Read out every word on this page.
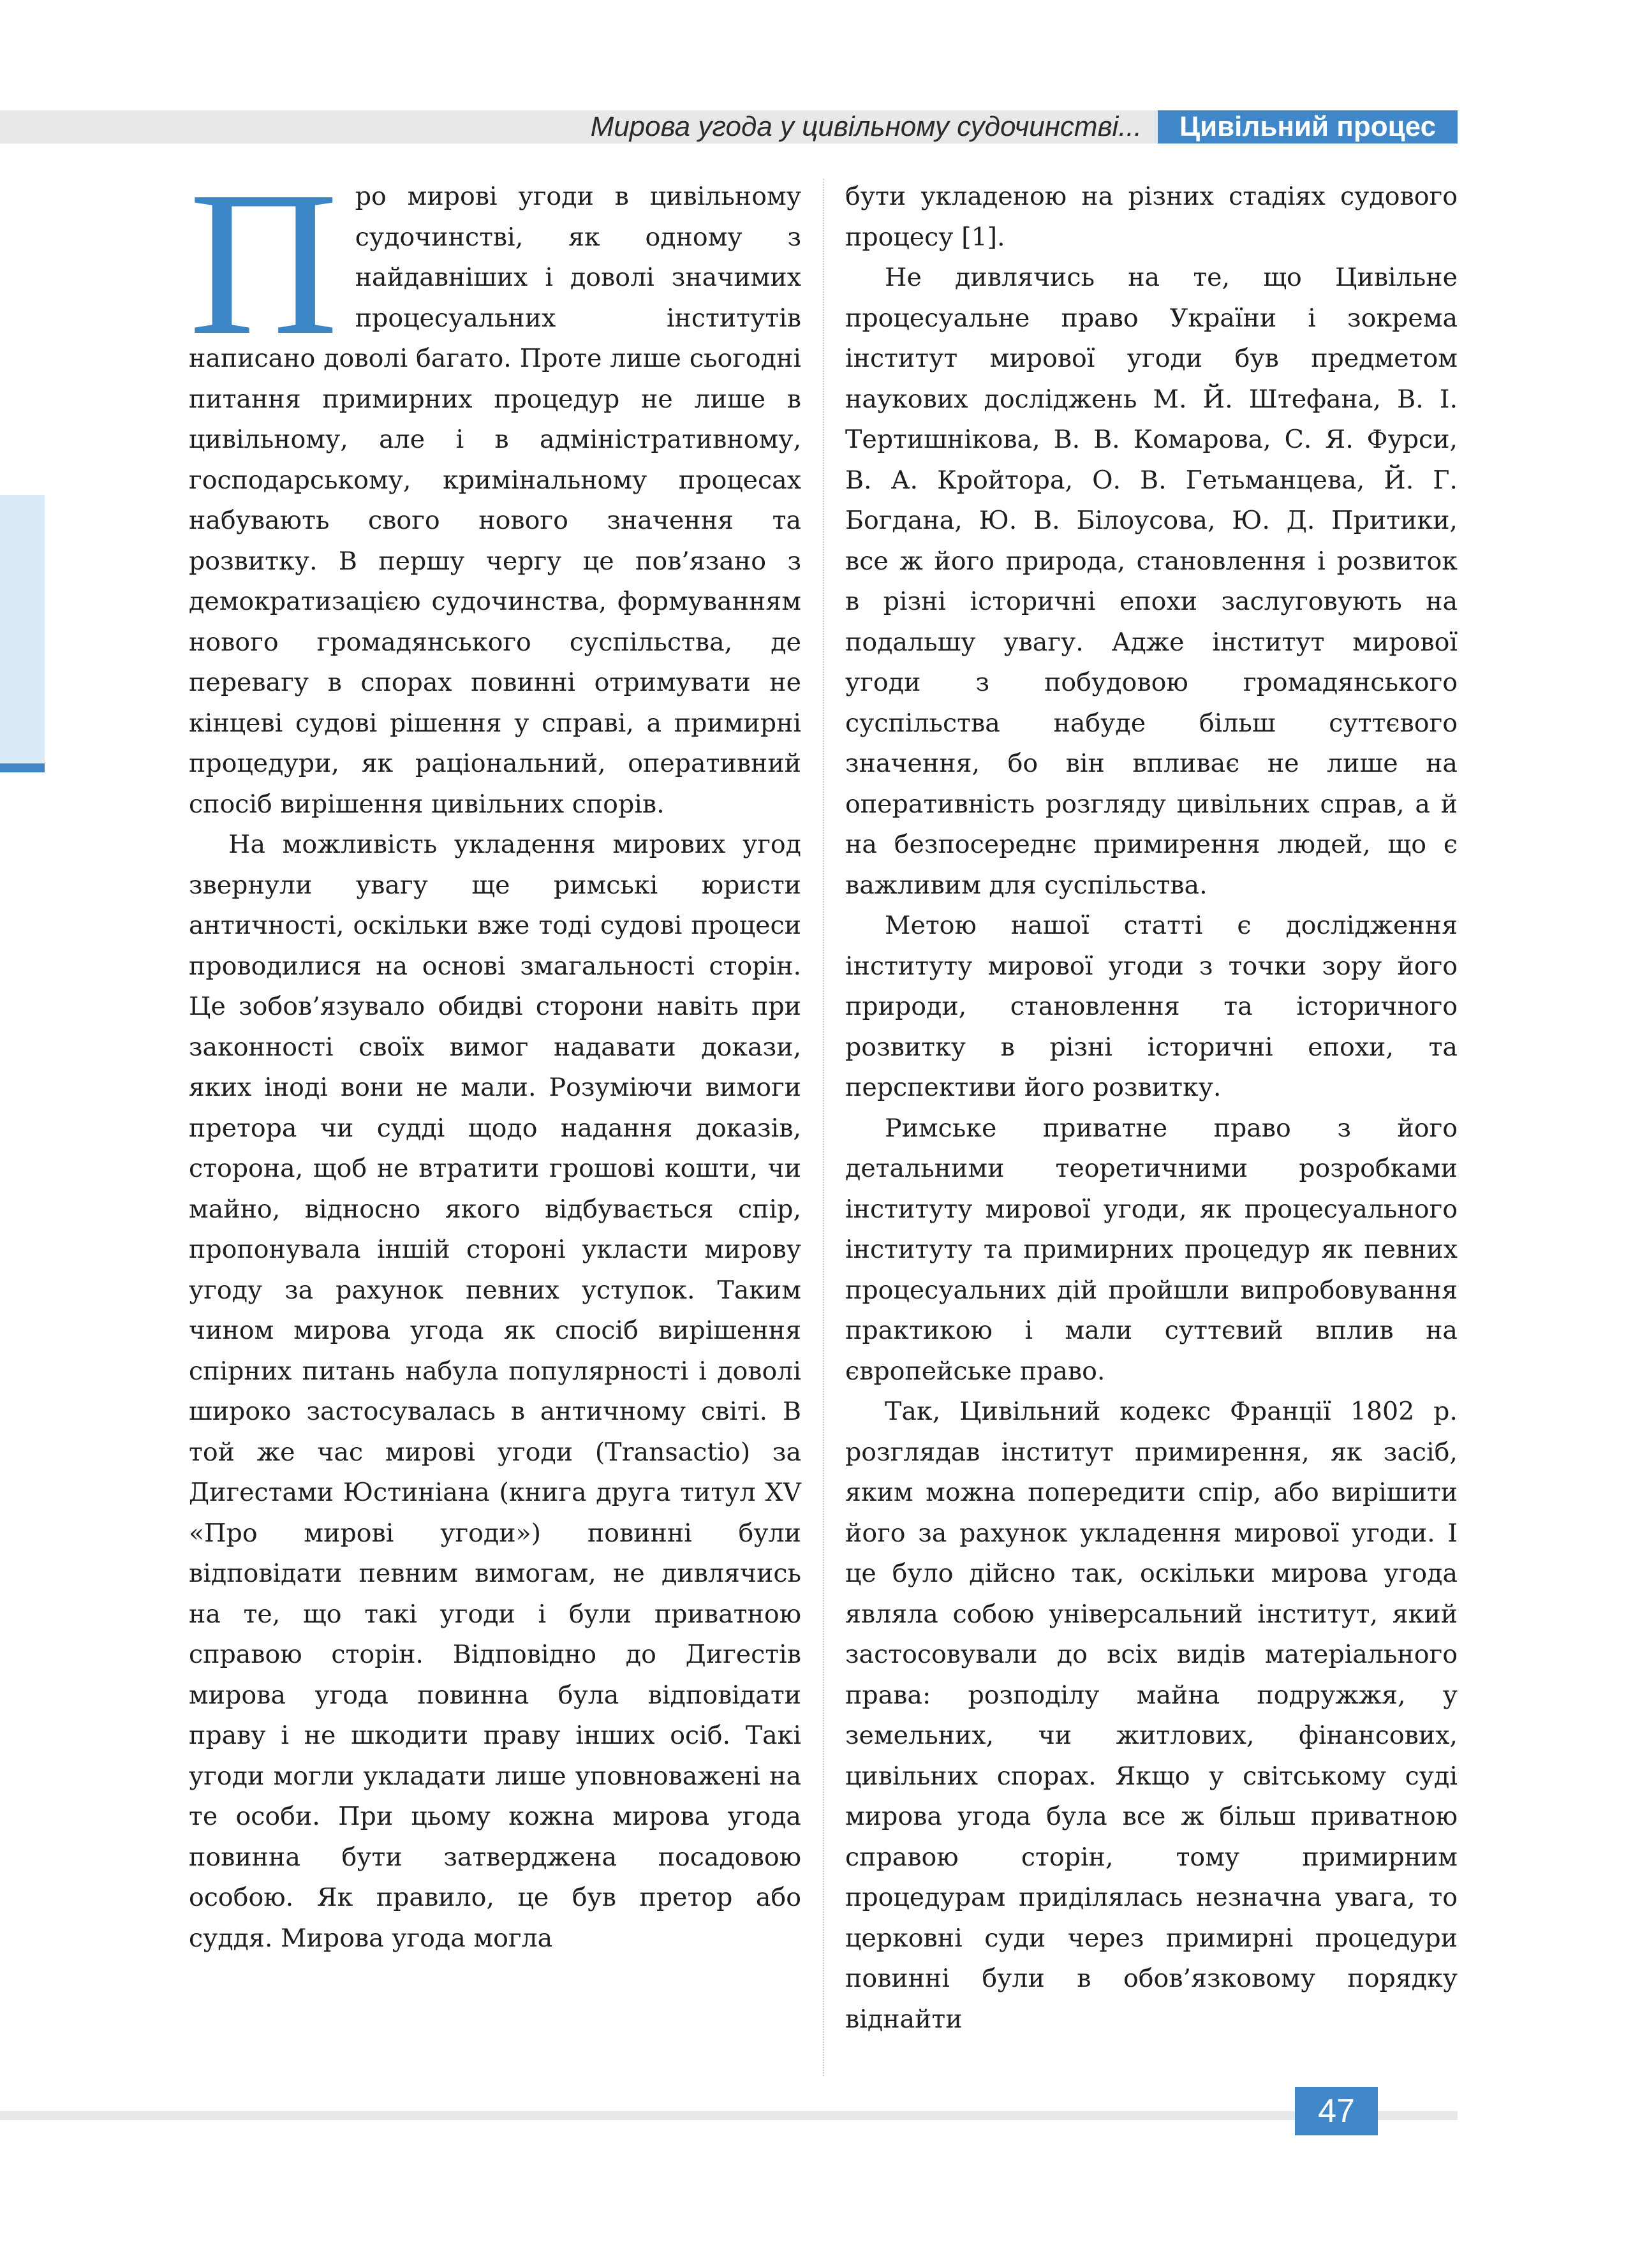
Мирова угода у цивільному судочинстві...	Цивільний процес

Про мирові угоди в цивільному судочинстві, як одному з найдавніших і доволі значимих процесуальних інститутів написано доволі багато. Проте лише сьогодні питання примирних процедур не лише в цивільному, але і в адміністративному, господарському, кримінальному процесах набувають свого нового значення та розвитку. В першу чергу це пов’язано з демократизацією судочинства, формуванням нового громадянського суспільства, де перевагу в спорах повинні отримувати не кінцеві судові рішення у справі, а примирні процедури, як раціональний, оперативний спосіб вирішення цивільних спорів.

На можливість укладення мирових угод звернули увагу ще римські юристи античності, оскільки вже тоді судові процеси проводилися на основі змагальності сторін. Це зобов’язувало обидві сторони навіть при законності своїх вимог надавати докази, яких іноді вони не мали. Розуміючи вимоги претора чи судді щодо надання доказів, сторона, щоб не втратити грошові кошти, чи майно, відносно якого відбувається спір, пропонувала іншій стороні укласти мирову угоду за рахунок певних уступок. Таким чином мирова угода як спосіб вирішення спірних питань набула популярності і доволі широко застосувалась в античному світі. В той же час мирові угоди (Transactio) за Дигестами Юстиніана (книга друга титул XV «Про мирові угоди») повинні були відповідати певним вимогам, не дивлячись на те, що такі угоди і були приватною справою сторін. Відповідно до Дигестів мирова угода повинна була відповідати праву і не шкодити праву інших осіб. Такі угоди могли укладати лише уповноважені на те особи. При цьому кожна мирова угода повинна бути затверджена посадовою особою. Як правило, це був претор або суддя. Мирова угода могла

бути укладеною на різних стадіях судового процесу [1].

Не дивлячись на те, що Цивільне процесуальне право України і зокрема інститут мирової угоди був предметом наукових досліджень М. Й. Штефана, В. І. Тертишнікова, В. В. Комарова, С. Я. Фурси, В. А. Кройтора, О. В. Гетьманцева, Й. Г. Богдана, Ю. В. Білоусова, Ю. Д. Притики, все ж його природа, становлення і розвиток в різні історичні епохи заслуговують на подальшу увагу. Адже інститут мирової угоди з побудовою громадянського суспільства набуде більш суттєвого значення, бо він впливає не лише на оперативність розгляду цивільних справ, а й на безпосереднє примирення людей, що є важливим для суспільства.

Метою нашої статті є дослідження інституту мирової угоди з точки зору його природи, становлення та історичного розвитку в різні історичні епохи, та перспективи його розвитку.

Римське приватне право з його детальними теоретичними розробками інституту мирової угоди, як процесуального інституту та примирних процедур як певних процесуальних дій пройшли випробовування практикою і мали суттєвий вплив на європейське право.

Так, Цивільний кодекс Франції 1802 р. розглядав інститут примирення, як засіб, яким можна попередити спір, або вирішити його за рахунок укладення мирової угоди. І це було дійсно так, оскільки мирова угода являла собою універсальний інститут, який застосовували до всіх видів матеріального права: розподілу майна подружжя, у земельних, чи житлових, фінансових, цивільних спорах. Якщо у світському суді мирова угода була все ж більш приватною справою сторін, тому примирним процедурам приділялась незначна увага, то церковні суди через примирні процедури повинні були в обов’язковому порядку віднайти

47
